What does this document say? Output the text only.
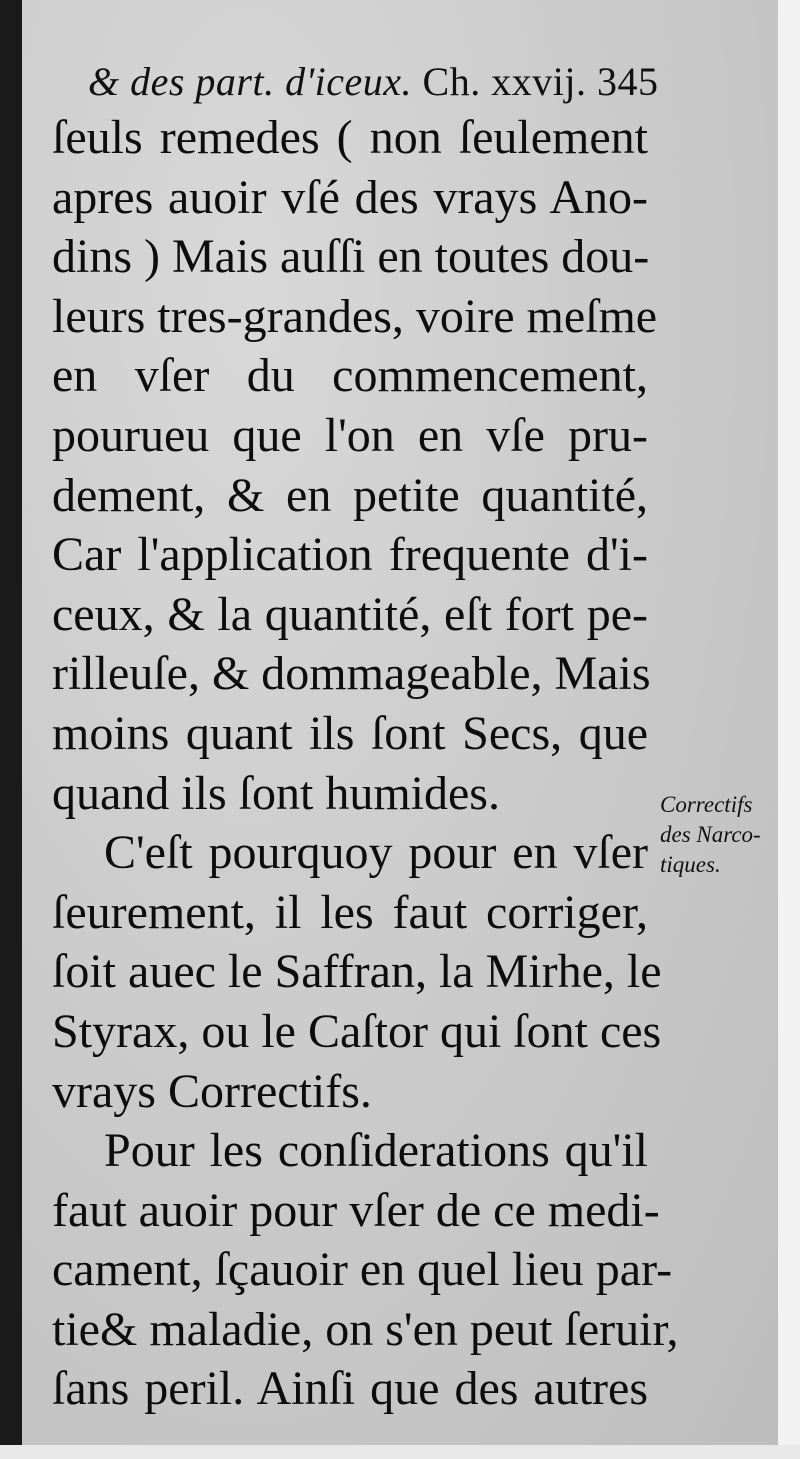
& des part. d'iceux. Ch. xxvij. 345
ſeuls remedes ( non ſeulement
apres auoir vſé des vrays Ano-
dins ) Mais auſſi en toutes dou-
leurs tres-grandes, voire meſme
en vſer du commencement,
pourueu que l'on en vſe pru-
dement, & en petite quantité,
Car l'application frequente d'i-
ceux, & la quantité, eſt fort pe-
rilleuſe, & dommageable, Mais
moins quant ils ſont Secs, que
quand ils ſont humides.
C'eſt pourquoy pour en vſer
ſeurement, il les faut corriger,
ſoit auec le Saffran, la Mirhe, le
Styrax, ou le Caſtor qui ſont ces
vrays Correctifs.
Pour les conſiderations qu'il
faut auoir pour vſer de ce medi-
cament, ſçauoir en quel lieu par-
tie& maladie, on s'en peut ſeruir,
ſans peril. Ainſi que des autres
Correctifs
des Narco-
tiques.
